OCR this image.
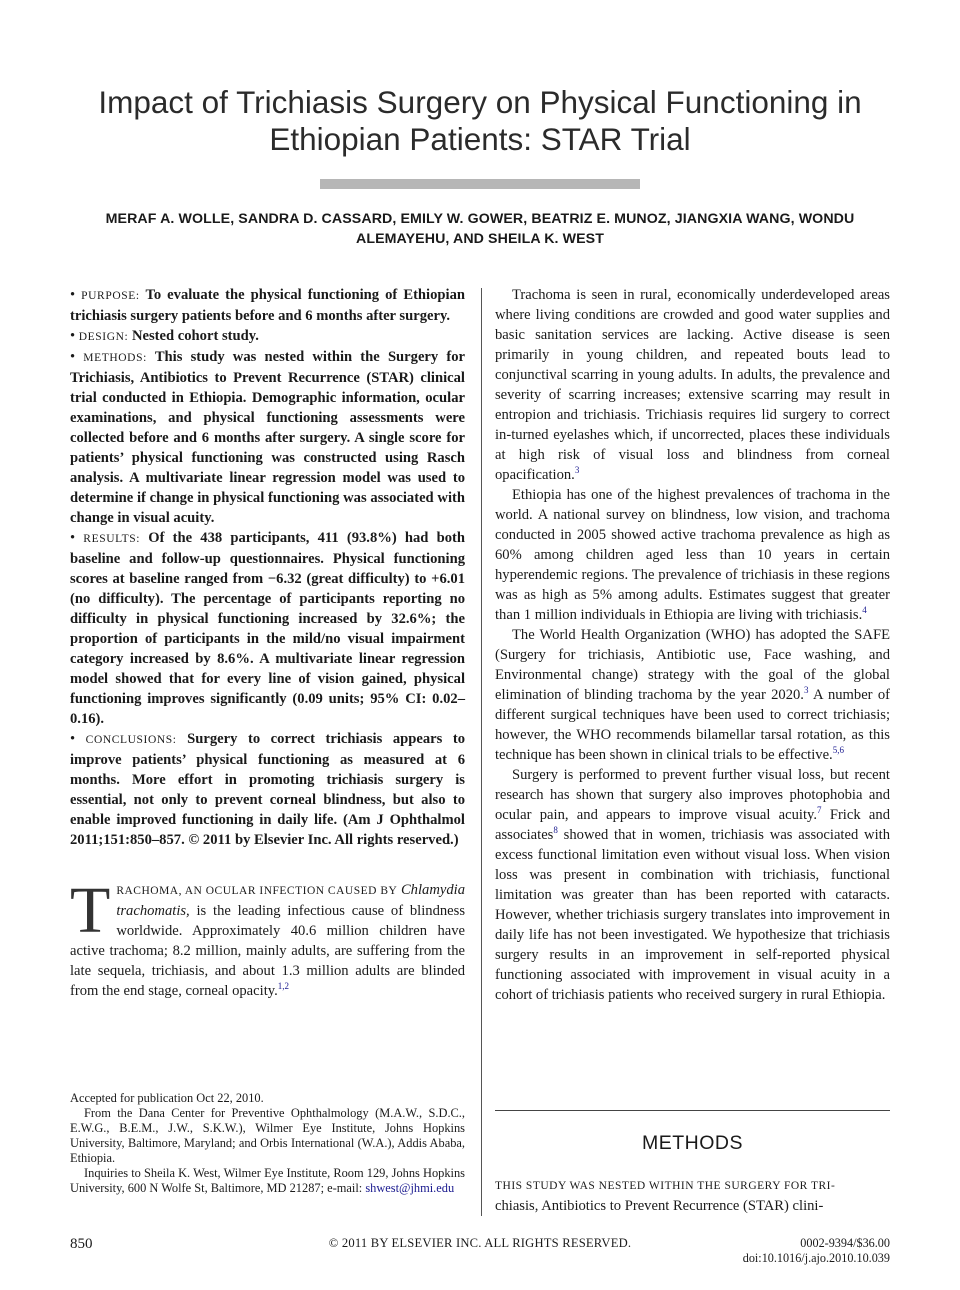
Impact of Trichiasis Surgery on Physical Functioning in Ethiopian Patients: STAR Trial
MERAF A. WOLLE, SANDRA D. CASSARD, EMILY W. GOWER, BEATRIZ E. MUNOZ, JIANGXIA WANG, WONDU ALEMAYEHU, AND SHEILA K. WEST

• PURPOSE: To evaluate the physical functioning of Ethiopian trichiasis surgery patients before and 6 months after surgery.

• DESIGN: Nested cohort study.

• METHODS: This study was nested within the Surgery for Trichiasis, Antibiotics to Prevent Recurrence (STAR) clinical trial conducted in Ethiopia. Demographic information, ocular examinations, and physical functioning assessments were collected before and 6 months after surgery. A single score for patients’ physical functioning was constructed using Rasch analysis. A multivariate linear regression model was used to determine if change in physical functioning was associated with change in visual acuity.

• RESULTS: Of the 438 participants, 411 (93.8%) had both baseline and follow-up questionnaires. Physical functioning scores at baseline ranged from −6.32 (great difficulty) to +6.01 (no difficulty). The percentage of participants reporting no difficulty in physical functioning increased by 32.6%; the proportion of participants in the mild/no visual impairment category increased by 8.6%. A multivariate linear regression model showed that for every line of vision gained, physical functioning improves significantly (0.09 units; 95% CI: 0.02–0.16).

• CONCLUSIONS: Surgery to correct trichiasis appears to improve patients’ physical functioning as measured at 6 months. More effort in promoting trichiasis surgery is essential, not only to prevent corneal blindness, but also to enable improved functioning in daily life. (Am J Ophthalmol 2011;151:850–857. © 2011 by Elsevier Inc. All rights reserved.)

TRACHOMA, AN OCULAR INFECTION CAUSED BY Chlamydia trachomatis, is the leading infectious cause of blindness worldwide. Approximately 40.6 million children have active trachoma; 8.2 million, mainly adults, are suffering from the late sequela, trichiasis, and about 1.3 million adults are blinded from the end stage, corneal opacity.$^{1,2}$

Accepted for publication Oct 22, 2010.

From the Dana Center for Preventive Ophthalmology (M.A.W., S.D.C., E.W.G., B.E.M., J.W., S.K.W.), Wilmer Eye Institute, Johns Hopkins University, Baltimore, Maryland; and Orbis International (W.A.), Addis Ababa, Ethiopia.

Inquiries to Sheila K. West, Wilmer Eye Institute, Room 129, Johns Hopkins University, 600 N Wolfe St, Baltimore, MD 21287; e-mail: shwest@jhmi.edu

Trachoma is seen in rural, economically underdeveloped areas where living conditions are crowded and good water supplies and basic sanitation services are lacking. Active disease is seen primarily in young children, and repeated bouts lead to conjunctival scarring in young adults. In adults, the prevalence and severity of scarring increases; extensive scarring may result in entropion and trichiasis. Trichiasis requires lid surgery to correct in-turned eyelashes which, if uncorrected, places these individuals at high risk of visual loss and blindness from corneal opacification.$^3$

Ethiopia has one of the highest prevalences of trachoma in the world. A national survey on blindness, low vision, and trachoma conducted in 2005 showed active trachoma prevalence as high as 60% among children aged less than 10 years in certain hyperendemic regions. The prevalence of trichiasis in these regions was as high as 5% among adults. Estimates suggest that greater than 1 million individuals in Ethiopia are living with trichiasis.$^4$

The World Health Organization (WHO) has adopted the SAFE (Surgery for trichiasis, Antibiotic use, Face washing, and Environmental change) strategy with the goal of the global elimination of blinding trachoma by the year 2020.$^3$ A number of different surgical techniques have been used to correct trichiasis; however, the WHO recommends bilamellar tarsal rotation, as this technique has been shown in clinical trials to be effective.$^{5,6}$

Surgery is performed to prevent further visual loss, but recent research has shown that surgery also improves photophobia and ocular pain, and appears to improve visual acuity.$^7$ Frick and associates$^8$ showed that in women, trichiasis was associated with excess functional limitation even without visual loss. When vision loss was present in combination with trichiasis, functional limitation was greater than has been reported with cataracts. However, whether trichiasis surgery translates into improvement in daily life has not been investigated. We hypothesize that trichiasis surgery results in an improvement in self-reported physical functioning associated with improvement in visual acuity in a cohort of trichiasis patients who received surgery in rural Ethiopia.

METHODS
THIS STUDY WAS NESTED WITHIN THE SURGERY FOR TRI-
chiasis, Antibiotics to Prevent Recurrence (STAR) clini-
850	© 2011 BY ELSEVIER INC. ALL RIGHTS RESERVED.	0002-9394/$36.00
doi:10.1016/j.ajo.2010.10.039
